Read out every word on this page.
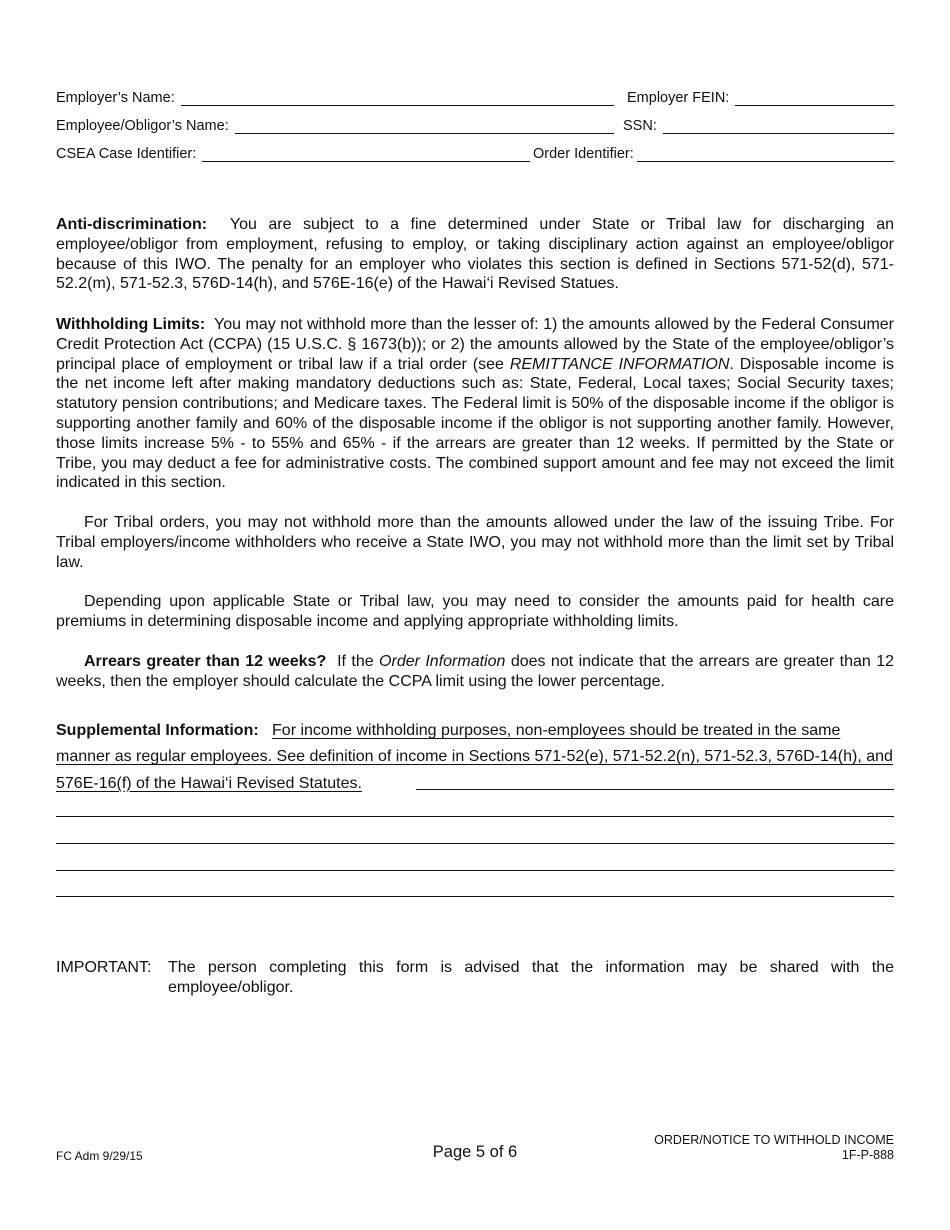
Employer’s Name:	Employer FEIN:
Employee/Obligor’s Name:	SSN:
CSEA Case Identifier:	Order Identifier:
Anti-discrimination: You are subject to a fine determined under State or Tribal law for discharging an employee/obligor from employment, refusing to employ, or taking disciplinary action against an employee/obligor because of this IWO. The penalty for an employer who violates this section is defined in Sections 571-52(d), 571-52.2(m), 571-52.3, 576D-14(h), and 576E-16(e) of the Hawai‘i Revised Statues.
Withholding Limits: You may not withhold more than the lesser of: 1) the amounts allowed by the Federal Consumer Credit Protection Act (CCPA) (15 U.S.C. § 1673(b)); or 2) the amounts allowed by the State of the employee/obligor’s principal place of employment or tribal law if a trial order (see REMITTANCE INFORMATION. Disposable income is the net income left after making mandatory deductions such as: State, Federal, Local taxes; Social Security taxes; statutory pension contributions; and Medicare taxes. The Federal limit is 50% of the disposable income if the obligor is supporting another family and 60% of the disposable income if the obligor is not supporting another family. However, those limits increase 5% - to 55% and 65% - if the arrears are greater than 12 weeks. If permitted by the State or Tribe, you may deduct a fee for administrative costs. The combined support amount and fee may not exceed the limit indicated in this section.
For Tribal orders, you may not withhold more than the amounts allowed under the law of the issuing Tribe. For Tribal employers/income withholders who receive a State IWO, you may not withhold more than the limit set by Tribal law.
Depending upon applicable State or Tribal law, you may need to consider the amounts paid for health care premiums in determining disposable income and applying appropriate withholding limits.
Arrears greater than 12 weeks? If the Order Information does not indicate that the arrears are greater than 12 weeks, then the employer should calculate the CCPA limit using the lower percentage.
Supplemental Information: For income withholding purposes, non-employees should be treated in the same manner as regular employees. See definition of income in Sections 571-52(e), 571-52.2(n), 571-52.3, 576D-14(h), and 576E-16(f) of the Hawai‘i Revised Statutes.
IMPORTANT:	The person completing this form is advised that the information may be shared with the employee/obligor.
FC Adm 9/29/15	Page 5 of 6
ORDER/NOTICE TO WITHHOLD INCOME
1F-P-888
